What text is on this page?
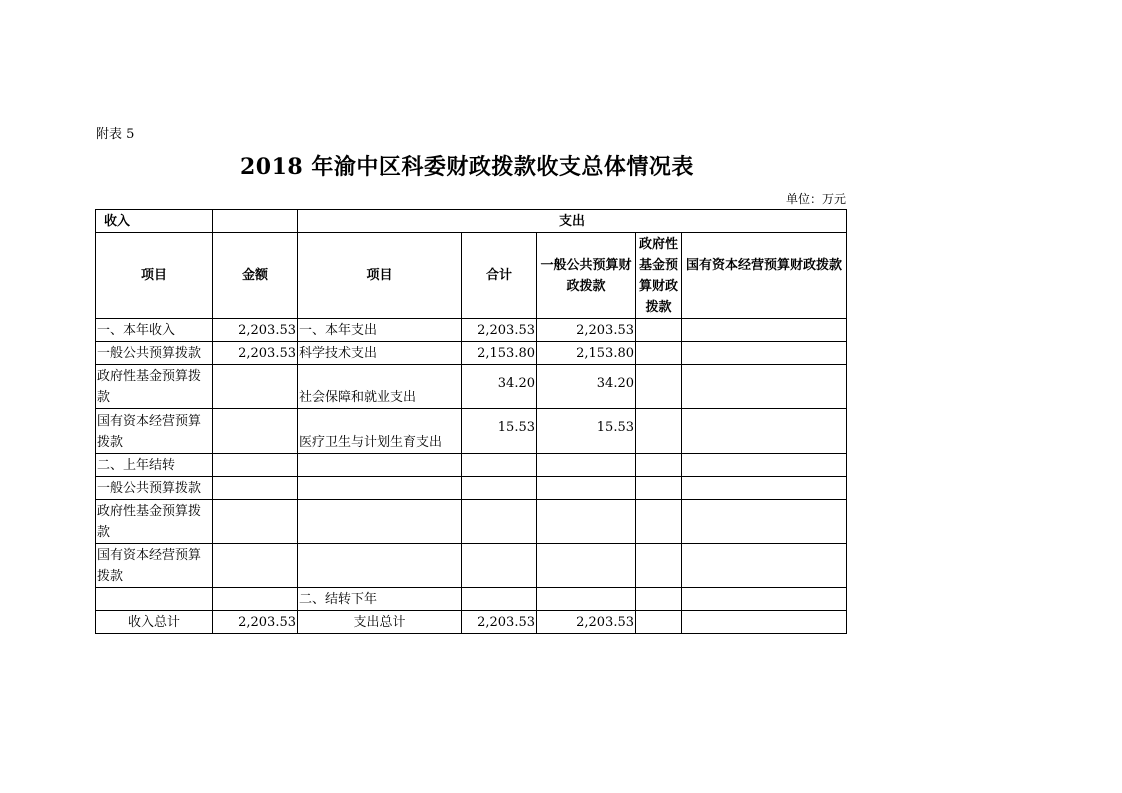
附表 5
2018 年渝中区科委财政拨款收支总体情况表
单位：万元
收入		支出				
项目	金额	项目	合计	一般公共预算财政拨款	政府性基金预算财政拨款	国有资本经营预算财政拨款
一、本年收入	2,203.53	一、本年支出	2,203.53	2,203.53		
一般公共预算拨款	2,203.53	科学技术支出	2,153.80	2,153.80		
政府性基金预算拨款		社会保障和就业支出	34.20	34.20		
国有资本经营预算拨款		医疗卫生与计划生育支出	15.53	15.53		
二、上年结转						
一般公共预算拨款						
政府性基金预算拨款						
国有资本经营预算拨款						
		二、结转下年				
收入总计	2,203.53	支出总计	2,203.53	2,203.53		
